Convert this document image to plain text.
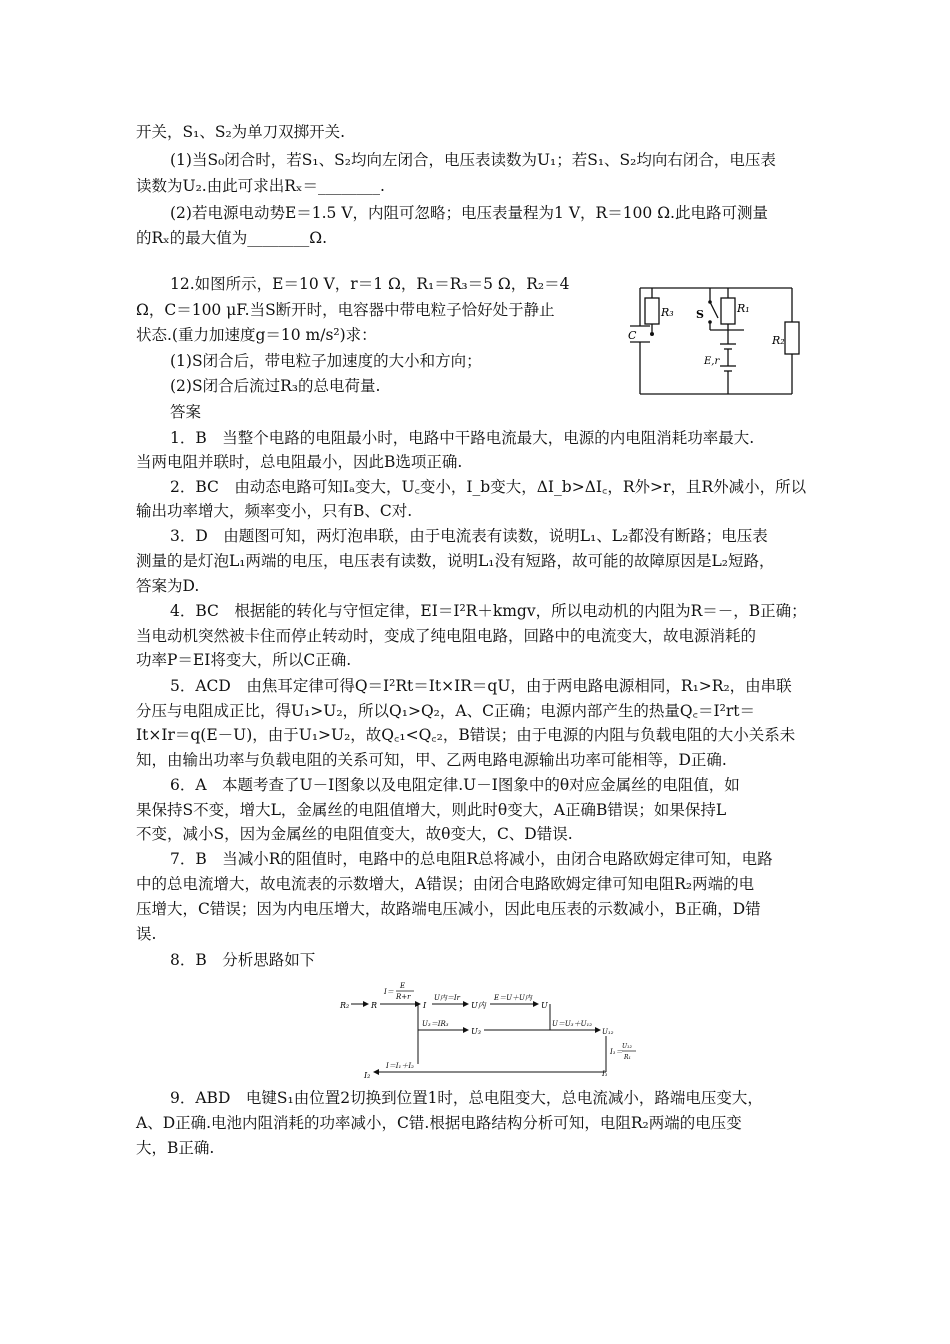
开关，S₁、S₂为单刀双掷开关.

(1)当S₀闭合时，若S₁、S₂均向左闭合，电压表读数为U₁；若S₁、S₂均向右闭合，电压表

读数为U₂.由此可求出Rₓ＝________.

(2)若电源电动势E＝1.5 V，内阻可忽略；电压表量程为1 V，R＝100 Ω.此电路可测量

的Rₓ的最大值为________Ω.

12.如图所示，E＝10 V，r＝1 Ω，R₁＝R₃＝5 Ω，R₂＝4

Ω，C＝100 μF.当S断开时，电容器中带电粒子恰好处于静止

状态.(重力加速度g＝10 m/s²)求：

(1)S闭合后，带电粒子加速度的大小和方向；

(2)S闭合后流过R₃的总电荷量.

R₃ S	R₁
C	R₂
E,r

答案

1．B　当整个电路的电阻最小时，电路中干路电流最大，电源的内电阻消耗功率最大.

当两电阻并联时，总电阻最小，因此B选项正确.

2．BC　由动态电路可知Iₐ变大，U꜀变小，I_b变大，ΔI_b>ΔI꜀，R外>r，且R外减小，所以

输出功率增大，频率变小，只有B、C对.

3．D　由题图可知，两灯泡串联，由于电流表有读数，说明L₁、L₂都没有断路；电压表

测量的是灯泡L₁两端的电压，电压表有读数，说明L₁没有短路，故可能的故障原因是L₂短路，

答案为D.

4．BC　根据能的转化与守恒定律，EI＝I²R＋kmgv，所以电动机的内阻为R＝－，B正确；

当电动机突然被卡住而停止转动时，变成了纯电阻电路，回路中的电流变大，故电源消耗的

功率P＝EI将变大，所以C正确.

5．ACD　由焦耳定律可得Q＝I²Rt＝It×IR＝qU，由于两电路电源相同，R₁>R₂，由串联

分压与电阻成正比，得U₁>U₂，所以Q₁>Q₂，A、C正确；电源内部产生的热量Q꜀＝I²rt＝

It×Ir＝q(E－U)，由于U₁>U₂，故Q꜀₁<Q꜀₂，B错误；由于电源的内阻与负载电阻的大小关系未

知，由输出功率与负载电阻的关系可知，甲、乙两电路电源输出功率可能相等，D正确.

6．A　本题考查了U－I图象以及电阻定律.U－I图象中的θ对应金属丝的电阻值，如

果保持S不变，增大L，金属丝的电阻值增大，则此时θ变大，A正确B错误；如果保持L

不变，减小S，因为金属丝的电阻值变大，故θ变大，C、D错误.

7．B　当减小R的阻值时，电路中的总电阻R总将减小，由闭合电路欧姆定律可知，电路

中的总电流增大，故电流表的示数增大，A错误；由闭合电路欧姆定律可知电阻R₂两端的电

压增大，C错误；因为内电压增大，故路端电压减小，因此电压表的示数减小，B正确，D错

误.

8．B　分析思路如下

R₂	R
I＝
E
R+r
I
U内＝Ir
U内
E＝U＋U内
U
U₃＝IR₃
U₃
U＝U₃＋U₁₂
U₁₂
I₁＝
U₁₂
R₁
I₁
I₂
I＝I₁＋I₂

9．ABD　电键S₁由位置2切换到位置1时，总电阻变大，总电流减小，路端电压变大，

A、D正确.电池内阻消耗的功率减小，C错.根据电路结构分析可知，电阻R₂两端的电压变

大，B正确.
